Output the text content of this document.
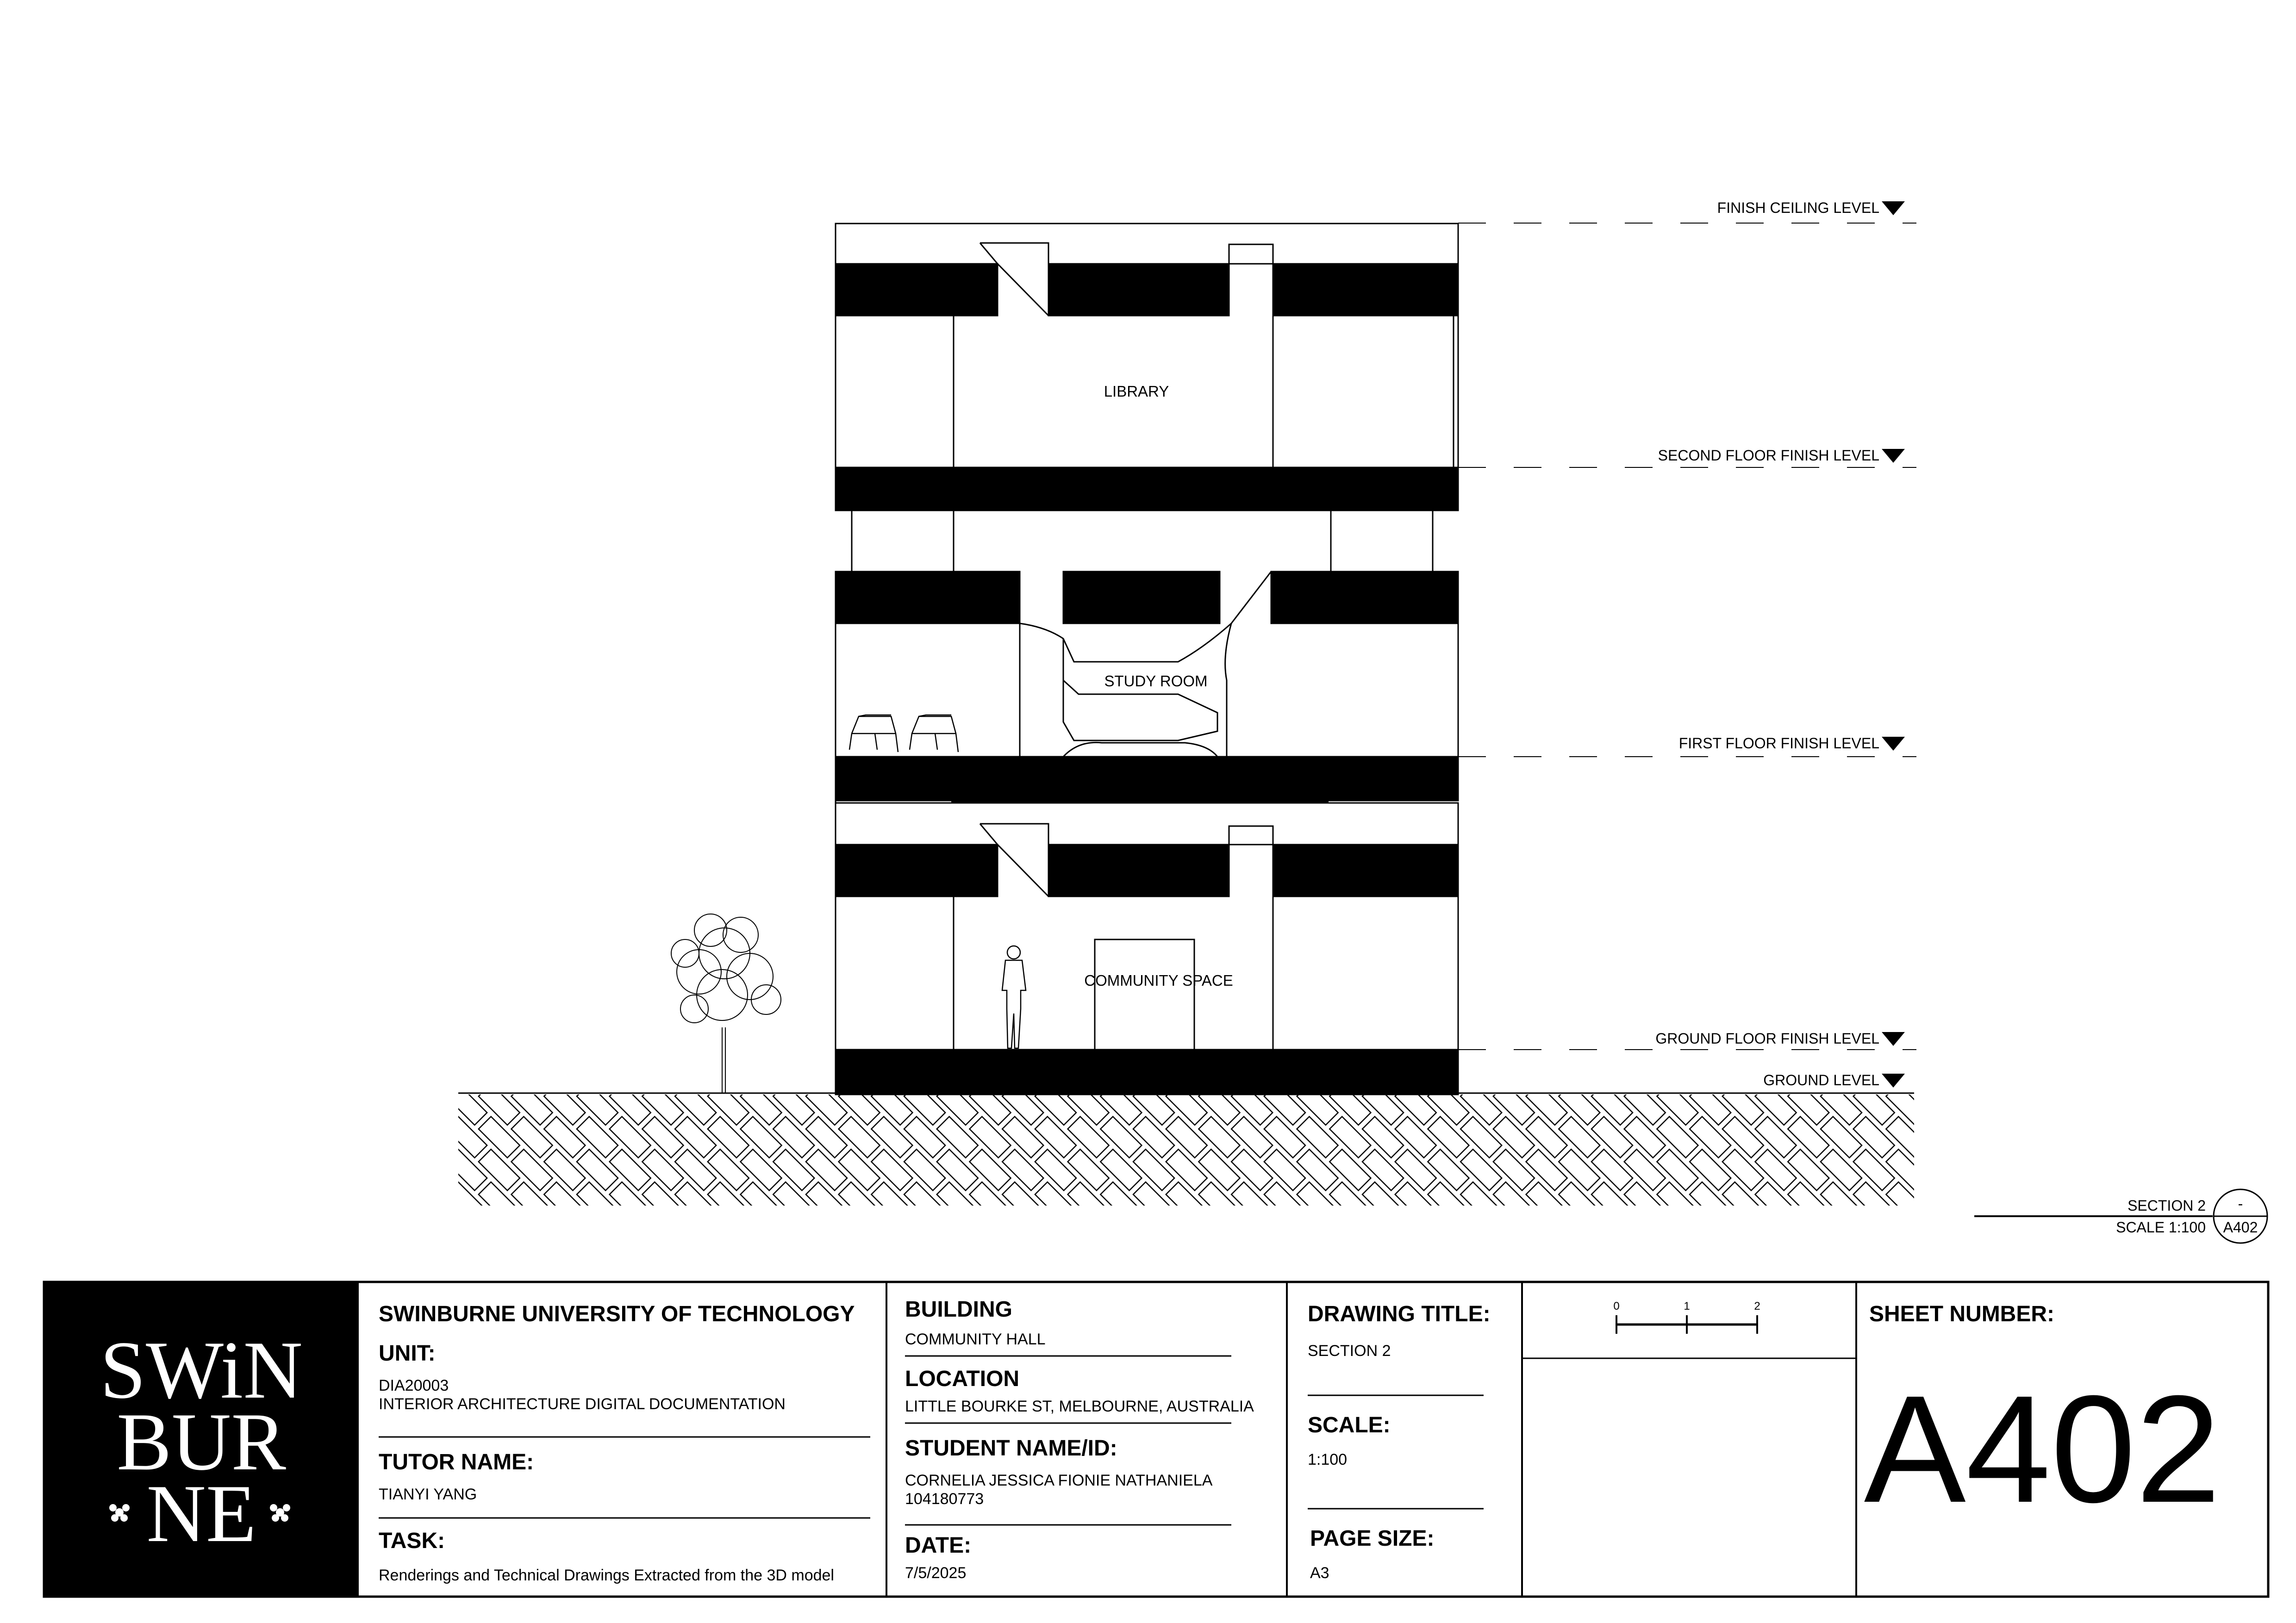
LIBRARY
STUDY ROOM
COMMUNITY SPACE
FINISH CEILING LEVEL
SECOND FLOOR FINISH LEVEL
FIRST FLOOR FINISH LEVEL
GROUND FLOOR FINISH LEVEL
GROUND LEVEL
SECTION 2
SCALE 1:100
-
A402
SWiN
BUR
NE
SWINBURNE UNIVERSITY OF TECHNOLOGY
UNIT:
DIA20003
INTERIOR ARCHITECTURE DIGITAL DOCUMENTATION
TUTOR NAME:
TIANYI YANG
TASK:
Renderings and Technical Drawings Extracted from the 3D model
BUILDING
COMMUNITY HALL
LOCATION
LITTLE BOURKE ST, MELBOURNE, AUSTRALIA
STUDENT NAME/ID:
CORNELIA JESSICA FIONIE NATHANIELA
104180773
DATE:
7/5/2025
DRAWING TITLE:
SECTION 2
SCALE:
1:100
PAGE SIZE:
A3
0	1	2	SHEET NUMBER:
A402
